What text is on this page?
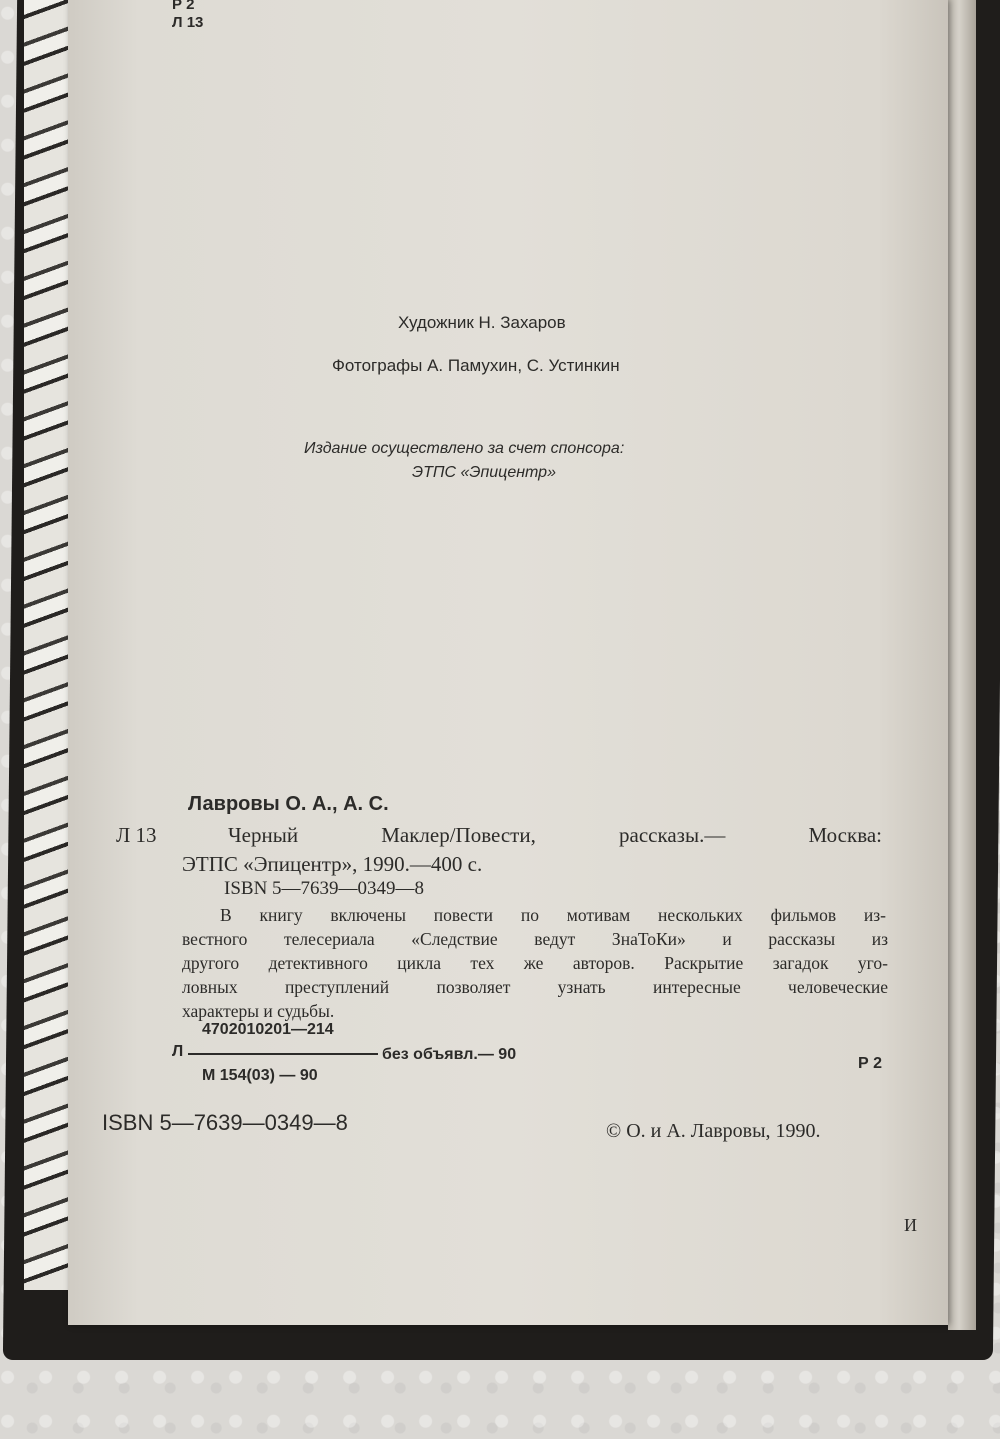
Р 2
Л 13
Художник Н. Захаров
Фотографы А. Памухин, С. Устинкин
Издание осуществлено за счет спонсора:
ЭТПС «Эпицентр»
Лавровы О. А., А. С.
Л 13	Черный Маклер/Повести, рассказы.— Москва:
ЭТПС «Эпицентр», 1990.—400 с.
ISBN 5—7639—0349—8
В книгу включены повести по мотивам нескольких фильмов из-
вестного телесериала «Следствие ведут ЗнаТоКи» и рассказы из
другого детективного цикла тех же авторов. Раскрытие загадок уго-
ловных преступлений позволяет узнать интересные человеческие
характеры и судьбы.
Л
4702010201—214
М 154(03) — 90
без объявл.— 90
Р 2
ISBN 5—7639—0349—8	© О. и А. Лавровы, 1990.
И
